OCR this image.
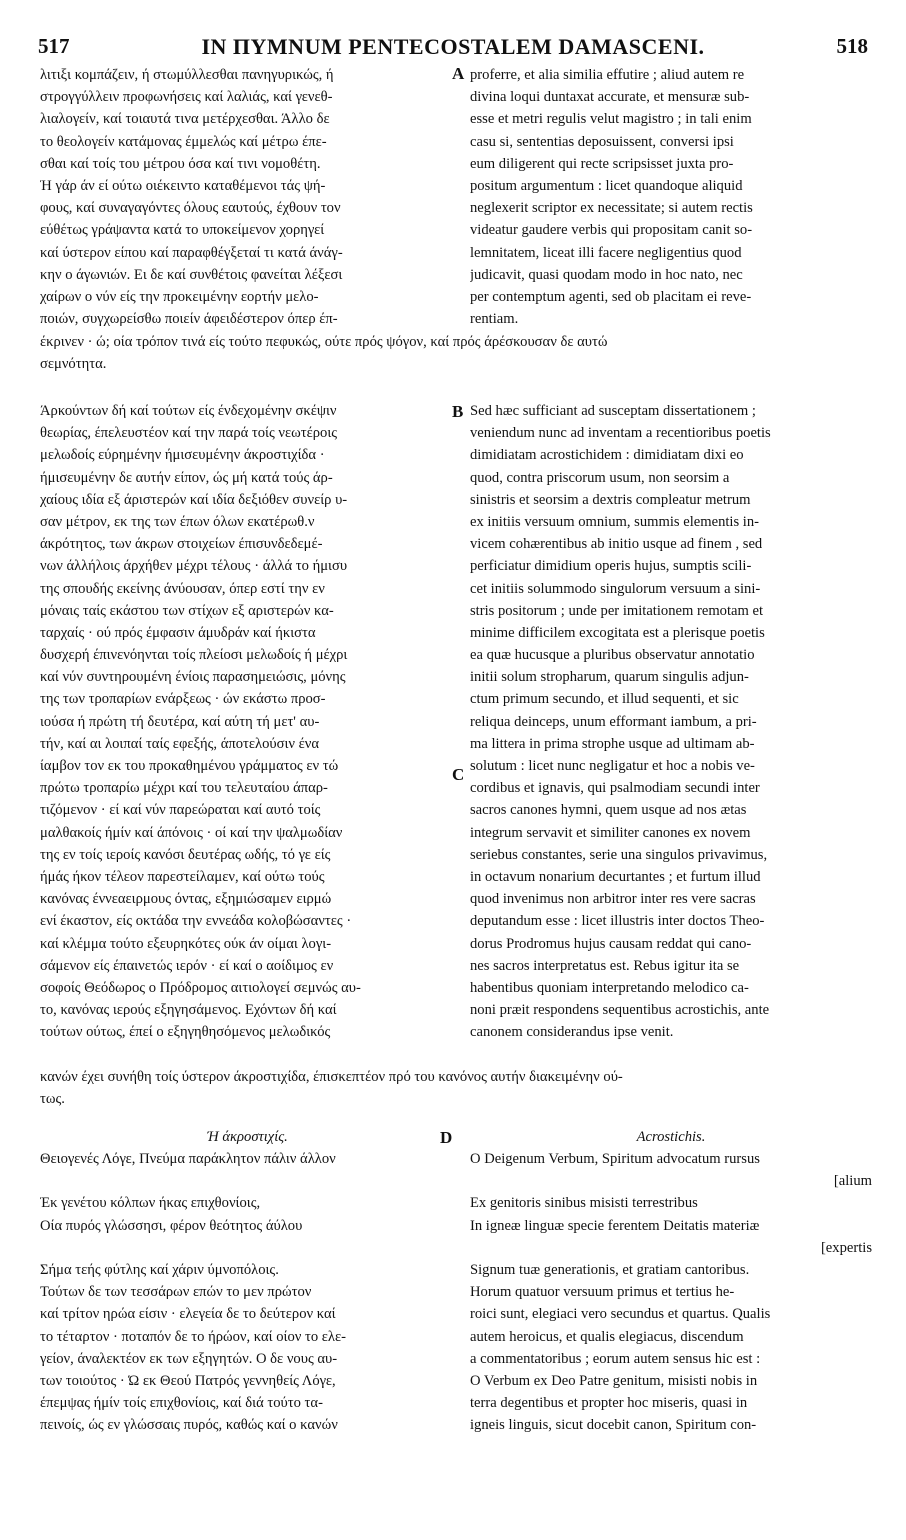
517	IN ΠΥΜΝUM PENTECOSTALEM DAMASCENI.	518
A
B
C
D
λιτιξι κομπάζειν, ή στωμύλλεσθαι πανηγυρικώς, ή
στρογγύλλειν προφωνήσεις καί λαλιάς, καί γενεθ-
λιαλογείν, καί τοιαυτά τινα μετέρχεσθαι. Άλλο δε
το θεολογείν κατάμονας έμμελώς καί μέτρω έπε-
σθαι καί τοίς του μέτρου όσα καί τινι νομοθέτη.
Ή γάρ άν εί ούτω οιέκειντο καταθέμενοι τάς ψή-
φους, καί συναγαγόντες όλους εαυτούς, έχθουν τον
εύθέτως γράψαντα κατά το υποκείμενον χορηγεί
καί ύστερον είπου καί παραφθέγξεταί τι κατά άνάγ-
κην ο άγωνιών. Ει δε καί συνθέτοις φανείται λέξεσι
χαίρων ο νύν είς την προκειμένην εορτήν μελο-
ποιών, συγχωρείσθω ποιείν άφειδέστερον όπερ έπ-
proferre, et alia similia effutire ; aliud autem re
divina loqui duntaxat accurate, et mensuræ sub-
esse et metri regulis velut magistro ; in tali enim
casu si, sententias deposuissent, conversi ipsi
eum diligerent qui recte scripsisset juxta pro-
positum argumentum : licet quandoque aliquid
neglexerit scriptor ex necessitate; si autem rectis
videatur gaudere verbis qui propositam canit so-
lemnitatem, liceat illi facere negligentius quod
judicavit, quasi quodam modo in hoc nato, nec
per contemptum agenti, sed ob placitam ei reve-
rentiam.
έκρινεν · ώ; οία τρόπον τινά είς τούτο πεφυκώς, ούτε πρός ψόγον, καί πρός άρέσκουσαν δε αυτώ
σεμνότητα.
Άρκούντων δή καί τούτων είς ένδεχομένην σκέψιν
θεωρίας, έπελευστέον καί την παρά τοίς νεωτέροις
μελωδοίς εύρημένην ήμισευμένην άκροστιχίδα ·
ήμισευμένην δε αυτήν είπον, ώς μή κατά τούς άρ-
χαίους ιδία εξ άριστερών καί ιδία δεξιόθεν συνείρ υ-
σαν μέτρον, εκ της των έπων όλων εκατέρωθ.ν
άκρότητος, των άκρων στοιχείων έπισυνδεδεμέ-
νων άλλήλοις άρχήθεν μέχρι τέλους · άλλά το ήμισυ
της σπουδής εκείνης άνύουσαν, όπερ εστί την εν
μόναις ταίς εκάστου των στίχων εξ αριστερών κα-
ταρχαίς · ού πρός έμφασιν άμυδράν καί ήκιστα
δυσχερή έπινενόηνται τοίς πλείοσι μελωδοίς ή μέχρι
καί νύν συντηρουμένη ένίοις παρασημειώσις, μόνης
της των τροπαρίων ενάρξεως · ών εκάστω προσ-
ιούσα ή πρώτη τή δευτέρα, καί αύτη τή μετ' αυ-
τήν, καί αι λοιπαί ταίς εφεξής, άποτελούσιν ένα
ίαμβον τον εκ του προκαθημένου γράμματος εν τώ
πρώτω τροπαρίω μέχρι καί του τελευταίου άπαρ-
τιζόμενον · εί καί νύν παρεώραται καί αυτό τοίς
μαλθακοίς ήμίν καί άπόνοις · οί καί την ψαλμωδίαν
της εν τοίς ιεροίς κανόσι δευτέρας ωδής, τό γε είς
ήμάς ήκον τέλεον παρεστείλαμεν, καί ούτω τούς
κανόνας έννεαειρμους όντας, εξημιώσαμεν ειρμώ
ενί έκαστον, είς οκτάδα την εννεάδα κολοβώσαντες ·
καί κλέμμα τούτο εξευρηκότες ούκ άν οίμαι λογι-
σάμενον είς έπαινετώς ιερόν · εί καί ο αοίδιμος εν
σοφοίς Θεόδωρος ο Πρόδρομος αιτιολογεί σεμνώς αυ-
το, κανόνας ιερούς εξηγησάμενος. Εχόντων δή καί
τούτων ούτως, έπεί ο εξηγηθησόμενος μελωδικός
Sed hæc sufficiant ad susceptam dissertationem ;
veniendum nunc ad inventam a recentioribus poetis
dimidiatam acrostichidem : dimidiatam dixi eo
quod, contra priscorum usum, non seorsim a
sinistris et seorsim a dextris compleatur metrum
ex initiis versuum omnium, summis elementis in-
vicem cohærentibus ab initio usque ad finem , sed
perficiatur dimidium operis hujus, sumptis scili-
cet initiis solummodo singulorum versuum a sini-
stris positorum ; unde per imitationem remotam et
minime difficilem excogitata est a plerisque poetis
ea quæ hucusque a pluribus observatur annotatio
initii solum stropharum, quarum singulis adjun-
ctum primum secundo, et illud sequenti, et sic
reliqua deinceps, unum efformant iambum, a pri-
ma littera in prima strophe usque ad ultimam ab-
solutum : licet nunc negligatur et hoc a nobis ve-
cordibus et ignavis, qui psalmodiam secundi inter
sacros canones hymni, quem usque ad nos ætas
integrum servavit et similiter canones ex novem
seriebus constantes, serie una singulos privavimus,
in octavum nonarium decurtantes ; et furtum illud
quod invenimus non arbitror inter res vere sacras
deputandum esse : licet illustris inter doctos Theo-
dorus Prodromus hujus causam reddat qui cano-
nes sacros interpretatus est. Rebus igitur ita se
habentibus quoniam interpretando melodico ca-
noni præit respondens sequentibus acrostichis, ante
canonem considerandus ipse venit.
κανών έχει συνήθη τοίς ύστερον άκροστιχίδα, έπισκεπτέον πρό του κανόνος αυτήν διακειμένην ού-
τως.
Ή άκροστιχίς.	Acrostichis.
Θειογενές Λόγε, Πνεύμα παράκλητον πάλιν άλλον
Έκ γενέτου κόλπων ήκας επιχθονίοις,
Οία πυρός γλώσσησι, φέρον θεότητος άύλου
Σήμα τεής φύτλης καί χάριν ύμνοπόλοις.
Τούτων δε των τεσσάρων επών το μεν πρώτον
καί τρίτον ηρώα είσιν · ελεγεία δε το δεύτερον καί
το τέταρτον · ποταπόν δε το ήρώον, καί οίον το ελε-
γείον, άναλεκτέον εκ των εξηγητών. Ο δε νους αυ-
των τοιούτος · Ώ εκ Θεού Πατρός γεννηθείς Λόγε,
έπεμψας ήμίν τοίς επιχθονίοις, καί διά τούτο τα-
πεινοίς, ώς εν γλώσσαις πυρός, καθώς καί ο κανών
O Deigenum Verbum, Spiritum advocatum rursus
[alium
Ex genitoris sinibus misisti terrestribus
In igneæ linguæ specie ferentem Deitatis materiæ
[expertis
Signum tuæ generationis, et gratiam cantoribus.
Horum quatuor versuum primus et tertius he-
roici sunt, elegiaci vero secundus et quartus. Qualis
autem heroicus, et qualis elegiacus, discendum
a commentatoribus ; eorum autem sensus hic est :
O Verbum ex Deo Patre genitum, misisti nobis in
terra degentibus et propter hoc miseris, quasi in
igneis linguis, sicut docebit canon, Spiritum con-
